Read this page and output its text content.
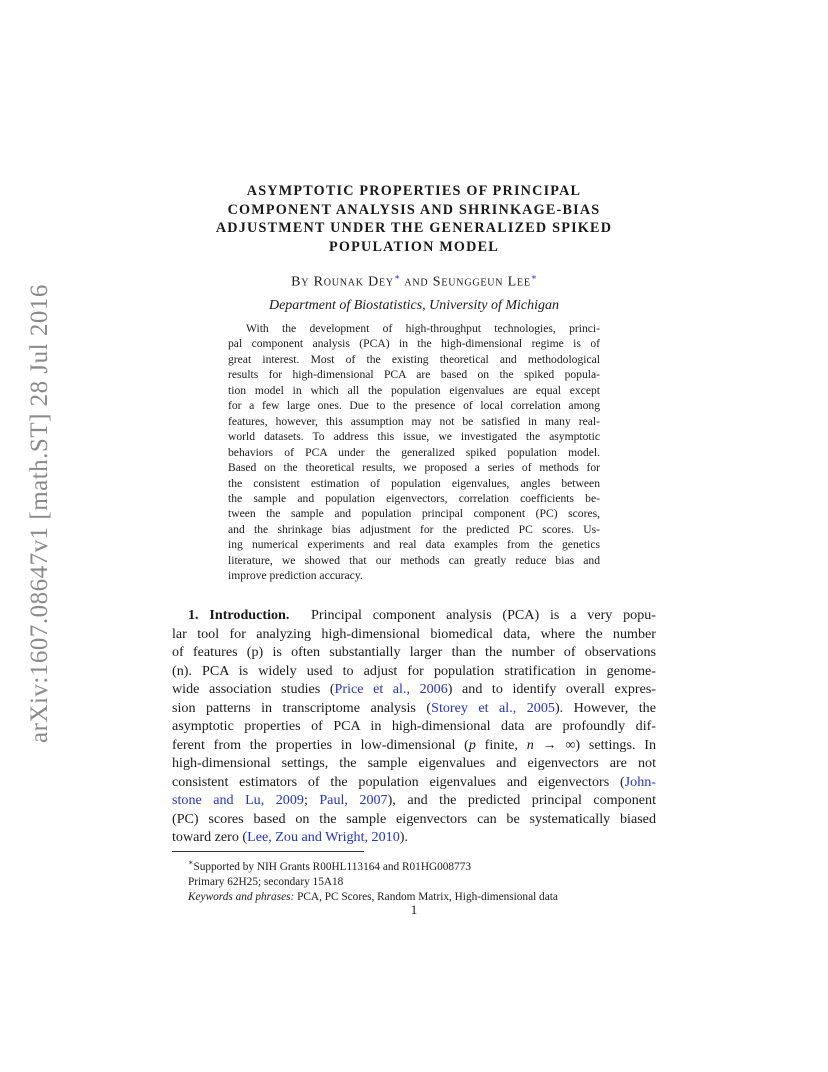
arXiv:1607.08647v1 [math.ST] 28 Jul 2016
ASYMPTOTIC PROPERTIES OF PRINCIPAL
COMPONENT ANALYSIS AND SHRINKAGE-BIAS
ADJUSTMENT UNDER THE GENERALIZED SPIKED
POPULATION MODEL
By Rounak Dey∗ and Seunggeun Lee∗
Department of Biostatistics, University of Michigan
With the development of high-throughput technologies, princi-
pal component analysis (PCA) in the high-dimensional regime is of
great interest. Most of the existing theoretical and methodological
results for high-dimensional PCA are based on the spiked popula-
tion model in which all the population eigenvalues are equal except
for a few large ones. Due to the presence of local correlation among
features, however, this assumption may not be satisfied in many real-
world datasets. To address this issue, we investigated the asymptotic
behaviors of PCA under the generalized spiked population model.
Based on the theoretical results, we proposed a series of methods for
the consistent estimation of population eigenvalues, angles between
the sample and population eigenvectors, correlation coefficients be-
tween the sample and population principal component (PC) scores,
and the shrinkage bias adjustment for the predicted PC scores. Us-
ing numerical experiments and real data examples from the genetics
literature, we showed that our methods can greatly reduce bias and
improve prediction accuracy.
1. Introduction. Principal component analysis (PCA) is a very popu-
lar tool for analyzing high-dimensional biomedical data, where the number
of features (p) is often substantially larger than the number of observations
(n). PCA is widely used to adjust for population stratification in genome-
wide association studies (Price et al., 2006) and to identify overall expres-
sion patterns in transcriptome analysis (Storey et al., 2005). However, the
asymptotic properties of PCA in high-dimensional data are profoundly dif-
ferent from the properties in low-dimensional (p finite, n → ∞) settings. In
high-dimensional settings, the sample eigenvalues and eigenvectors are not
consistent estimators of the population eigenvalues and eigenvectors (John-
stone and Lu, 2009; Paul, 2007), and the predicted principal component
(PC) scores based on the sample eigenvectors can be systematically biased
toward zero (Lee, Zou and Wright, 2010).
∗Supported by NIH Grants R00HL113164 and R01HG008773
Primary 62H25; secondary 15A18
Keywords and phrases: PCA, PC Scores, Random Matrix, High-dimensional data
1
